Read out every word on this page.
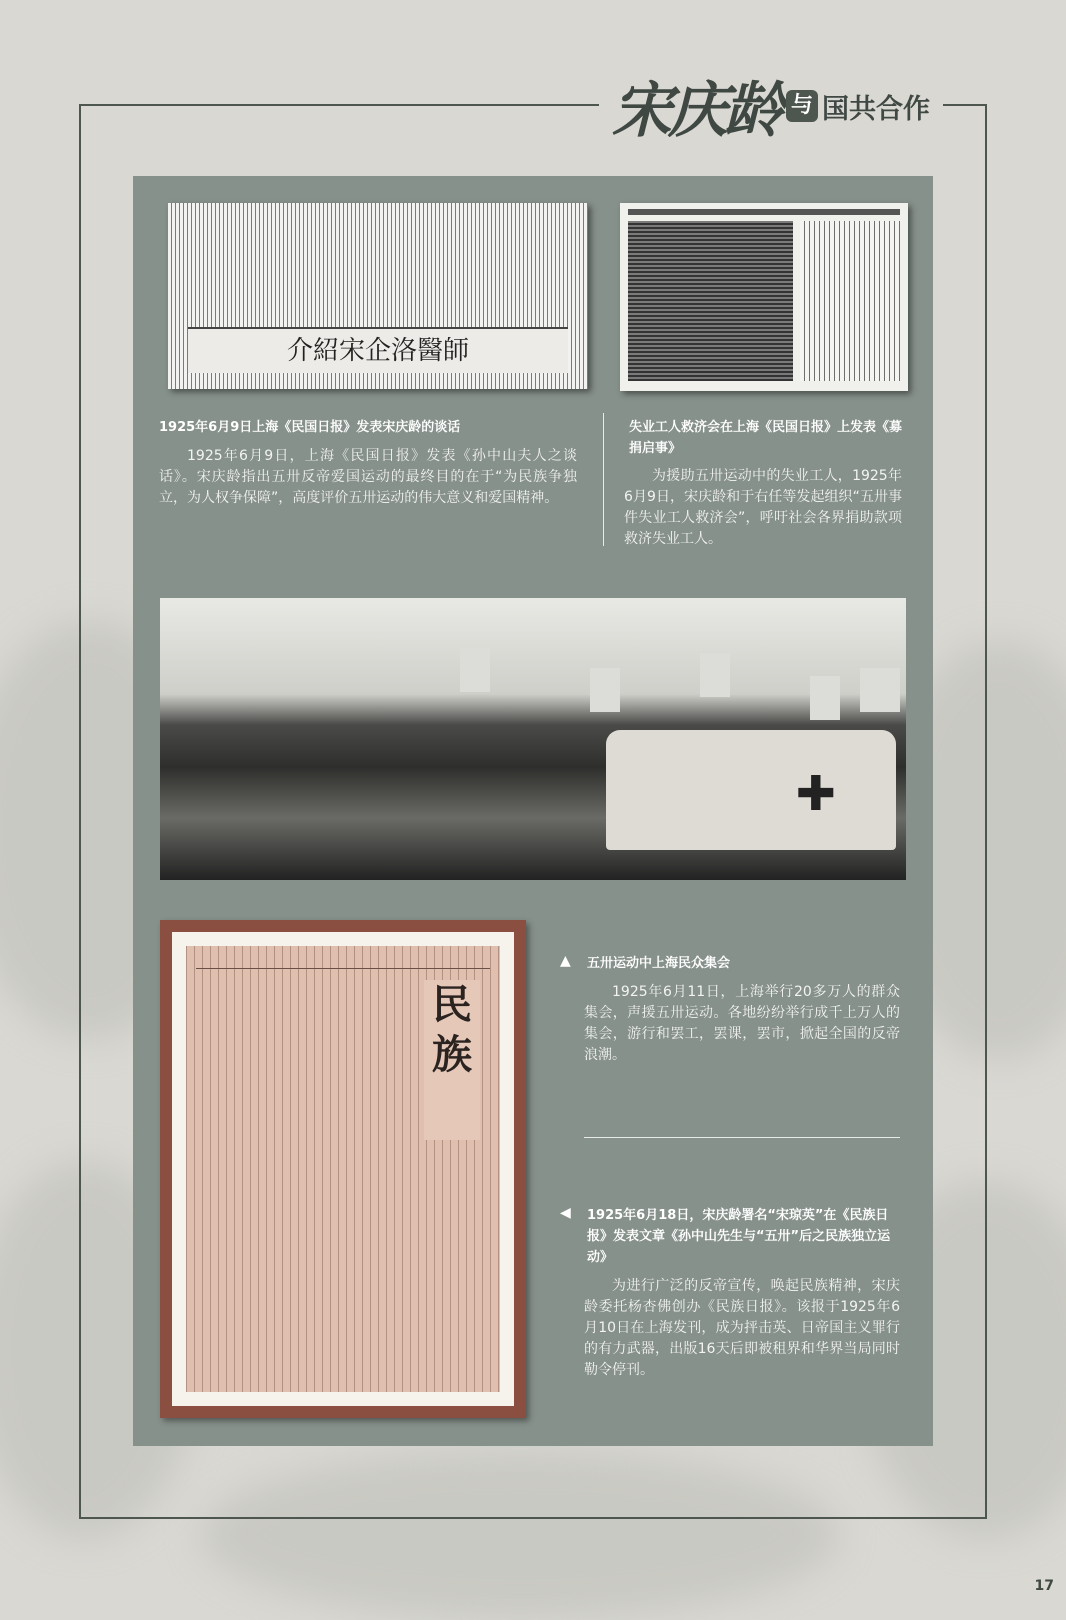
宋庆龄 与 国共合作
介紹宋企洛醫師
1925年6月9日上海《民国日报》发表宋庆龄的谈话
1925年6月9日，上海《民国日报》发表《孙中山夫人之谈话》。宋庆龄指出五卅反帝爱国运动的最终目的在于“为民族争独立，为人权争保障”，高度评价五卅运动的伟大意义和爱国精神。
失业工人救济会在上海《民国日报》上发表《募捐启事》
为援助五卅运动中的失业工人，1925年6月9日，宋庆龄和于右任等发起组织“五卅事件失业工人救济会”，呼吁社会各界捐助款项救济失业工人。
✚
民族
▲ 五卅运动中上海民众集会
1925年6月11日，上海举行20多万人的群众集会，声援五卅运动。各地纷纷举行成千上万人的集会，游行和罢工，罢课，罢市，掀起全国的反帝浪潮。
◀ 1925年6月18日，宋庆龄署名“宋琼英”在《民族日报》发表文章《孙中山先生与“五卅”后之民族独立运动》
为进行广泛的反帝宣传，唤起民族精神，宋庆龄委托杨杏佛创办《民族日报》。该报于1925年6月10日在上海发刊，成为抨击英、日帝国主义罪行的有力武器，出版16天后即被租界和华界当局同时勒令停刊。
17
